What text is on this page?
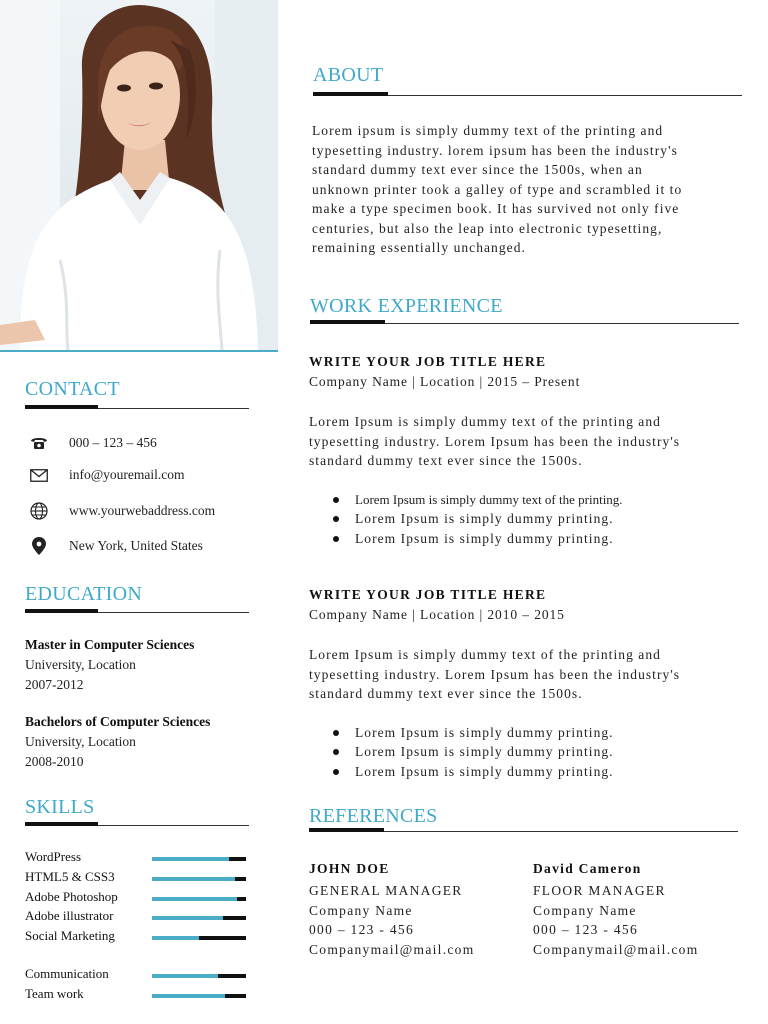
CONTACT
000 – 123 – 456
info@youremail.com
www.yourwebaddress.com
New York, United States
EDUCATION
Master in Computer Sciences
University, Location
2007-2012
Bachelors of Computer Sciences
University, Location
2008-2010
SKILLS
WordPress
HTML5 & CSS3
Adobe Photoshop
Adobe illustrator
Social Marketing
Communication
Team work
ABOUT
Lorem ipsum is simply dummy text of the printing and
typesetting industry. lorem ipsum has been the industry's
standard dummy text ever since the 1500s, when an
unknown printer took a galley of type and scrambled it to
make a type specimen book. It has survived not only five
centuries, but also the leap into electronic typesetting,
remaining essentially unchanged.
WORK EXPERIENCE
WRITE YOUR JOB TITLE HERE
Company Name | Location | 2015 – Present
Lorem Ipsum is simply dummy text of the printing and
typesetting industry. Lorem Ipsum has been the industry's
standard dummy text ever since the 1500s.
Lorem Ipsum is simply dummy text of the printing.
Lorem Ipsum is simply dummy printing.
Lorem Ipsum is simply dummy printing.
WRITE YOUR JOB TITLE HERE
Company Name | Location | 2010 – 2015
Lorem Ipsum is simply dummy text of the printing and
typesetting industry. Lorem Ipsum has been the industry's
standard dummy text ever since the 1500s.
Lorem Ipsum is simply dummy printing.
Lorem Ipsum is simply dummy printing.
Lorem Ipsum is simply dummy printing.
REFERENCES
JOHN DOE
GENERAL MANAGER
Company Name
000 – 123 - 456
Companymail@mail.com
David Cameron
FLOOR MANAGER
Company Name
000 – 123 - 456
Companymail@mail.com
